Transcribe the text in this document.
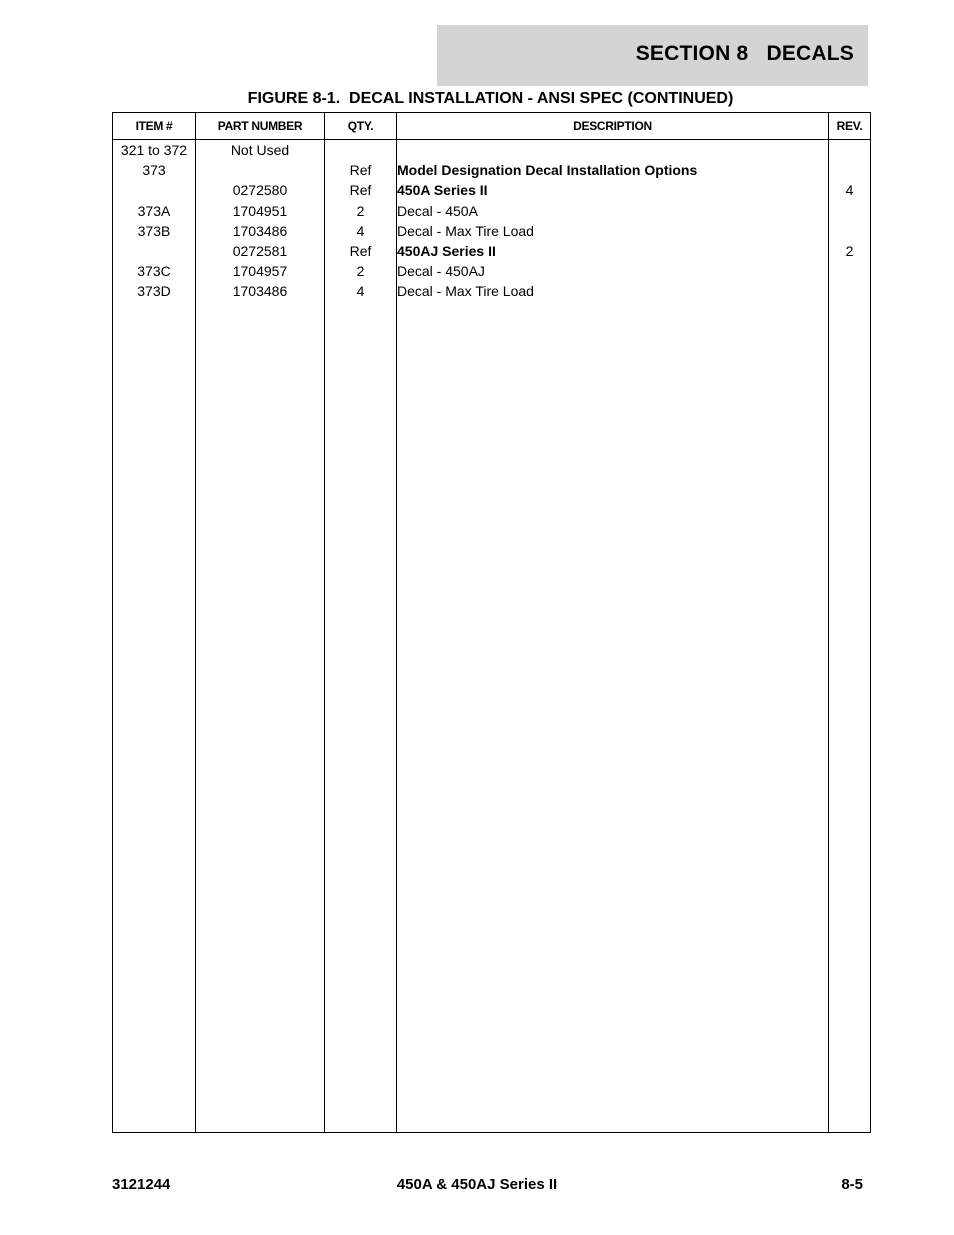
SECTION 8   DECALS
FIGURE 8-1.  DECAL INSTALLATION - ANSI SPEC (CONTINUED)
ITEM #	PART NUMBER	QTY.	DESCRIPTION	REV.
321 to 372	Not Used			
373		Ref	Model Designation Decal Installation Options	
	0272580	Ref	450A Series II	4
373A	1704951	2	Decal - 450A	
373B	1703486	4	Decal - Max Tire Load	
	0272581	Ref	450AJ Series II	2
373C	1704957	2	Decal - 450AJ	
373D	1703486	4	Decal - Max Tire Load	

3121244	450A & 450AJ Series II	8-5
